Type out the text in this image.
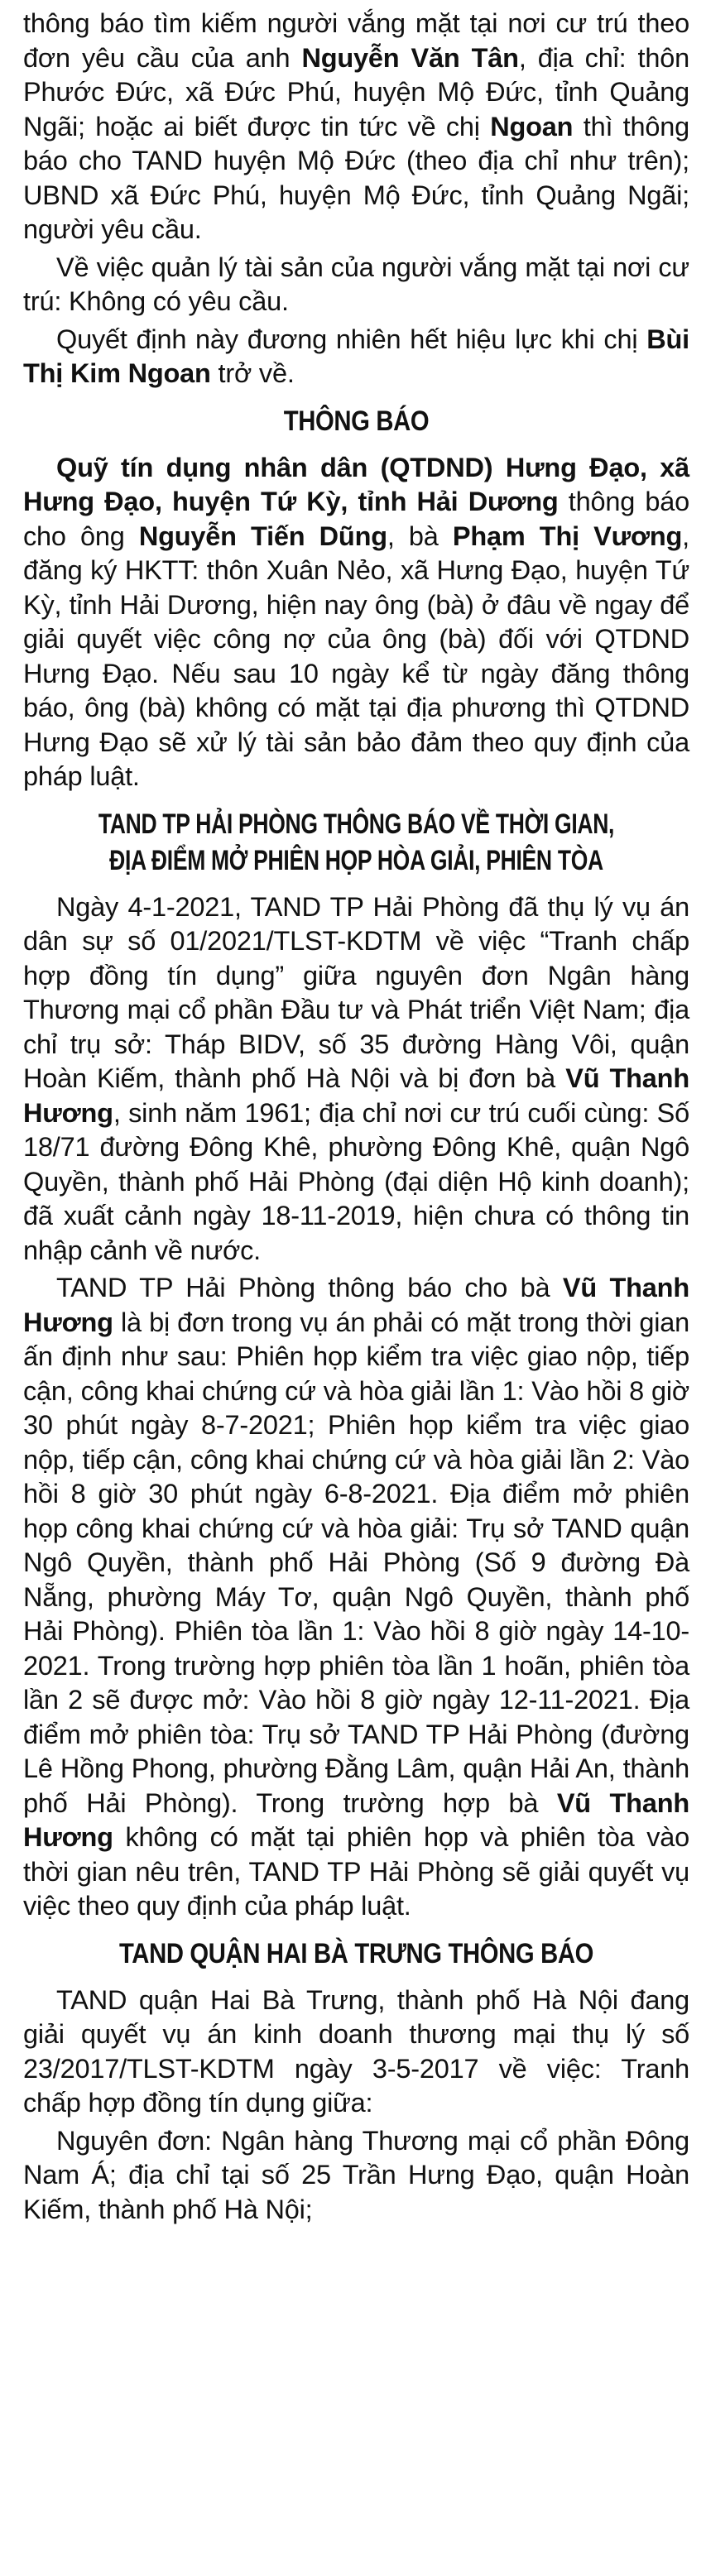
thông báo tìm kiếm người vắng mặt tại nơi cư trú theo đơn yêu cầu của anh Nguyễn Văn Tân, địa chỉ: thôn Phước Đức, xã Đức Phú, huyện Mộ Đức, tỉnh Quảng Ngãi; hoặc ai biết được tin tức về chị Ngoan thì thông báo cho TAND huyện Mộ Đức (theo địa chỉ như trên); UBND xã Đức Phú, huyện Mộ Đức, tỉnh Quảng Ngãi; người yêu cầu.

Về việc quản lý tài sản của người vắng mặt tại nơi cư trú: Không có yêu cầu.

Quyết định này đương nhiên hết hiệu lực khi chị Bùi Thị Kim Ngoan trở về.

THÔNG BÁO

Quỹ tín dụng nhân dân (QTDND) Hưng Đạo, xã Hưng Đạo, huyện Tứ Kỳ, tỉnh Hải Dương thông báo cho ông Nguyễn Tiến Dũng, bà Phạm Thị Vương, đăng ký HKTT: thôn Xuân Nẻo, xã Hưng Đạo, huyện Tứ Kỳ, tỉnh Hải Dương, hiện nay ông (bà) ở đâu về ngay để giải quyết việc công nợ của ông (bà) đối với QTDND Hưng Đạo. Nếu sau 10 ngày kể từ ngày đăng thông báo, ông (bà) không có mặt tại địa phương thì QTDND Hưng Đạo sẽ xử lý tài sản bảo đảm theo quy định của pháp luật.

TAND TP HẢI PHÒNG THÔNG BÁO VỀ THỜI GIAN,
ĐỊA ĐIỂM MỞ PHIÊN HỌP HÒA GIẢI, PHIÊN TÒA

Ngày 4-1-2021, TAND TP Hải Phòng đã thụ lý vụ án dân sự số 01/2021/TLST-KDTM về việc “Tranh chấp hợp đồng tín dụng” giữa nguyên đơn Ngân hàng Thương mại cổ phần Đầu tư và Phát triển Việt Nam; địa chỉ trụ sở: Tháp BIDV, số 35 đường Hàng Vôi, quận Hoàn Kiếm, thành phố Hà Nội và bị đơn bà Vũ Thanh Hương, sinh năm 1961; địa chỉ nơi cư trú cuối cùng: Số 18/71 đường Đông Khê, phường Đông Khê, quận Ngô Quyền, thành phố Hải Phòng (đại diện Hộ kinh doanh); đã xuất cảnh ngày 18-11-2019, hiện chưa có thông tin nhập cảnh về nước.

TAND TP Hải Phòng thông báo cho bà Vũ Thanh Hương là bị đơn trong vụ án phải có mặt trong thời gian ấn định như sau: Phiên họp kiểm tra việc giao nộp, tiếp cận, công khai chứng cứ và hòa giải lần 1: Vào hồi 8 giờ 30 phút ngày 8-7-2021; Phiên họp kiểm tra việc giao nộp, tiếp cận, công khai chứng cứ và hòa giải lần 2: Vào hồi 8 giờ 30 phút ngày 6-8-2021. Địa điểm mở phiên họp công khai chứng cứ và hòa giải: Trụ sở TAND quận Ngô Quyền, thành phố Hải Phòng (Số 9 đường Đà Nẵng, phường Máy Tơ, quận Ngô Quyền, thành phố Hải Phòng). Phiên tòa lần 1: Vào hồi 8 giờ ngày 14-10-2021. Trong trường hợp phiên tòa lần 1 hoãn, phiên tòa lần 2 sẽ được mở: Vào hồi 8 giờ ngày 12-11-2021. Địa điểm mở phiên tòa: Trụ sở TAND TP Hải Phòng (đường Lê Hồng Phong, phường Đằng Lâm, quận Hải An, thành phố Hải Phòng). Trong trường hợp bà Vũ Thanh Hương không có mặt tại phiên họp và phiên tòa vào thời gian nêu trên, TAND TP Hải Phòng sẽ giải quyết vụ việc theo quy định của pháp luật.

TAND QUẬN HAI BÀ TRƯNG THÔNG BÁO

TAND quận Hai Bà Trưng, thành phố Hà Nội đang giải quyết vụ án kinh doanh thương mại thụ lý số 23/2017/TLST-KDTM ngày 3-5-2017 về việc: Tranh chấp hợp đồng tín dụng giữa:

Nguyên đơn: Ngân hàng Thương mại cổ phần Đông Nam Á; địa chỉ tại số 25 Trần Hưng Đạo, quận Hoàn Kiếm, thành phố Hà Nội;
